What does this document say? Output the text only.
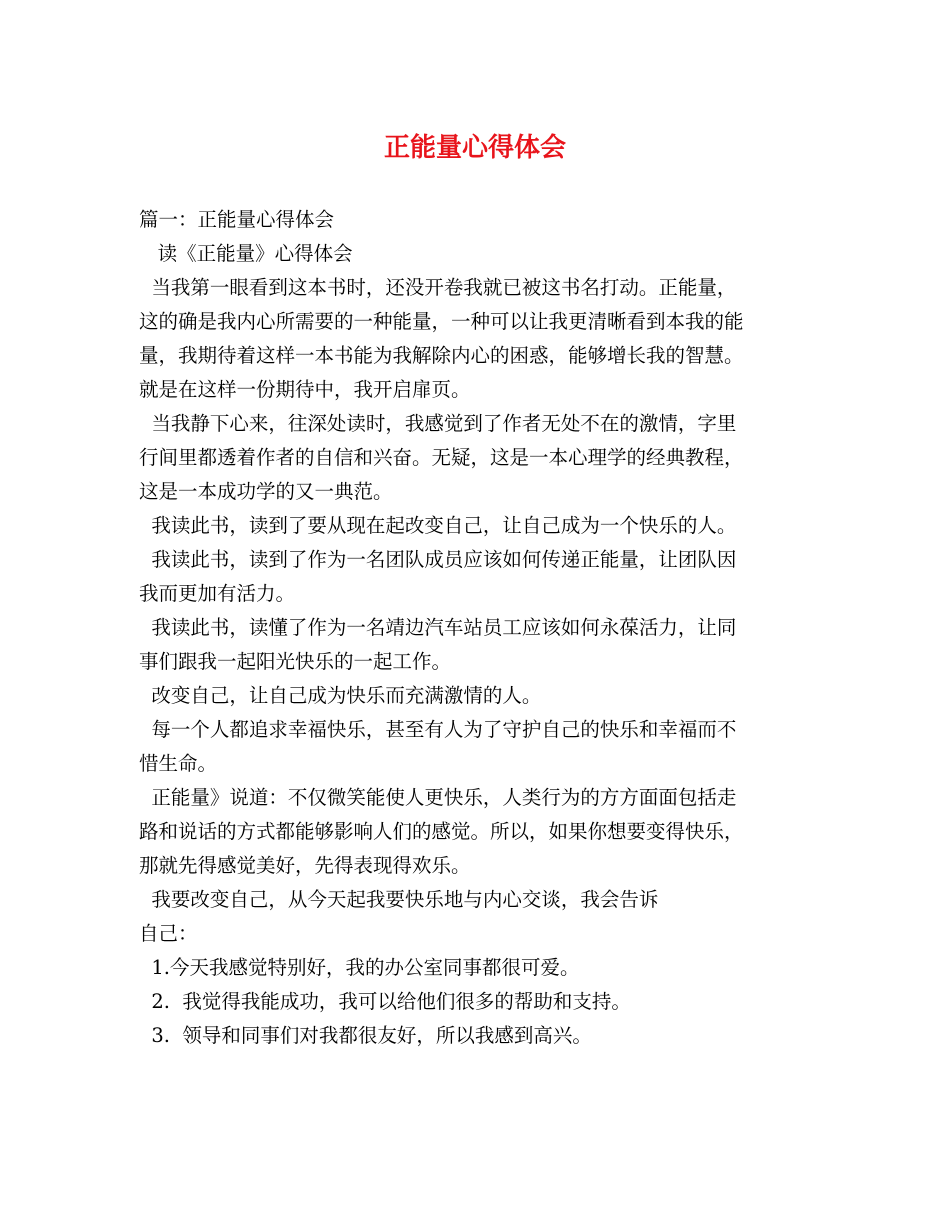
正能量心得体会

篇一：正能量心得体会

读《正能量》心得体会

当我第一眼看到这本书时，还没开卷我就已被这书名打动。正能量，

这的确是我内心所需要的一种能量，一种可以让我更清晰看到本我的能

量，我期待着这样一本书能为我解除内心的困惑，能够增长我的智慧。

就是在这样一份期待中，我开启扉页。

当我静下心来，往深处读时，我感觉到了作者无处不在的激情，字里

行间里都透着作者的自信和兴奋。无疑，这是一本心理学的经典教程，

这是一本成功学的又一典范。

我读此书，读到了要从现在起改变自己，让自己成为一个快乐的人。

我读此书，读到了作为一名团队成员应该如何传递正能量，让团队因

我而更加有活力。

我读此书，读懂了作为一名靖边汽车站员工应该如何永葆活力，让同

事们跟我一起阳光快乐的一起工作。

改变自己，让自己成为快乐而充满激情的人。

每一个人都追求幸福快乐，甚至有人为了守护自己的快乐和幸福而不

惜生命。

正能量》说道：不仅微笑能使人更快乐，人类行为的方方面面包括走

路和说话的方式都能够影响人们的感觉。所以，如果你想要变得快乐，

那就先得感觉美好，先得表现得欢乐。

我要改变自己，从今天起我要快乐地与内心交谈，我会告诉

自己：

1.今天我感觉特别好，我的办公室同事都很可爱。

2.  我觉得我能成功，我可以给他们很多的帮助和支持。

3.  领导和同事们对我都很友好，所以我感到高兴。
